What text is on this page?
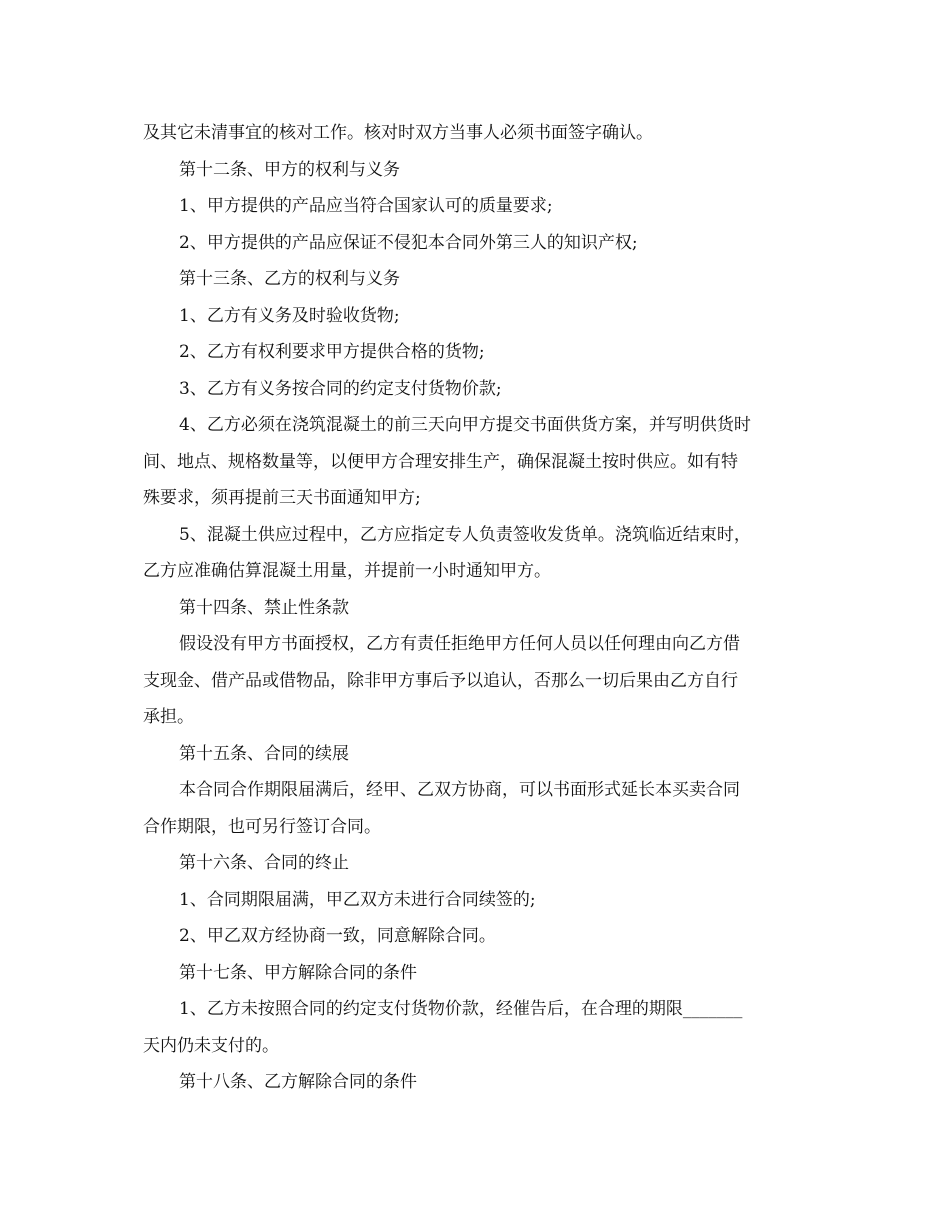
及其它未清事宜的核对工作。核对时双方当事人必须书面签字确认。

第十二条、甲方的权利与义务

1、甲方提供的产品应当符合国家认可的质量要求;

2、甲方提供的产品应保证不侵犯本合同外第三人的知识产权;

第十三条、乙方的权利与义务

1、乙方有义务及时验收货物;

2、乙方有权利要求甲方提供合格的货物;

3、乙方有义务按合同的约定支付货物价款;

4、乙方必须在浇筑混凝土的前三天向甲方提交书面供货方案，并写明供货时

间、地点、规格数量等，以便甲方合理安排生产，确保混凝土按时供应。如有特

殊要求，须再提前三天书面通知甲方;

5、混凝土供应过程中，乙方应指定专人负责签收发货单。浇筑临近结束时，

乙方应准确估算混凝土用量，并提前一小时通知甲方。

第十四条、禁止性条款

假设没有甲方书面授权，乙方有责任拒绝甲方任何人员以任何理由向乙方借

支现金、借产品或借物品，除非甲方事后予以追认，否那么一切后果由乙方自行

承担。

第十五条、合同的续展

本合同合作期限届满后，经甲、乙双方协商，可以书面形式延长本买卖合同

合作期限，也可另行签订合同。

第十六条、合同的终止

1、合同期限届满，甲乙双方未进行合同续签的;

2、甲乙双方经协商一致，同意解除合同。

第十七条、甲方解除合同的条件

1、乙方未按照合同的约定支付货物价款，经催告后，在合理的期限_______

天内仍未支付的。

第十八条、乙方解除合同的条件
